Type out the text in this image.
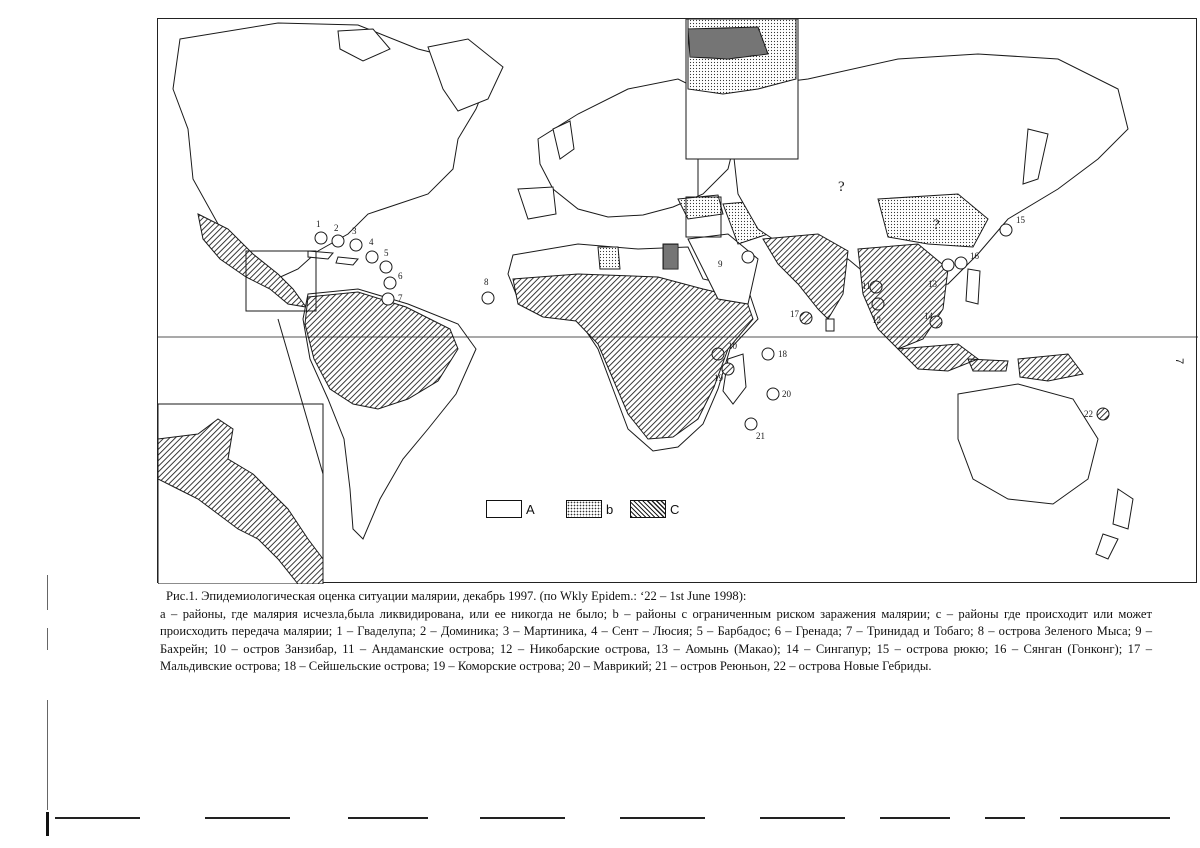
1 2 3
4
5
6
7
8
9
10
11
12
13
14
15
16
17
18
19
20
21
22
?
?
A	b	C
Рис.1. Эпидемиологическая оценка ситуации малярии, декабрь 1997. (по Wkly Epidem.: ‘22 – 1st June 1998):
a – районы, где малярия исчезла,была ликвидирована, или ее никогда не было; b – районы с ограниченным риском заражения малярии; c – районы где происходит или может происходить передача малярии; 1 – Гваделупа; 2 – Доминика; 3 – Мартиника, 4 – Сент – Люсия; 5 – Барбадос; 6 – Гренада; 7 – Тринидад и Тобаго; 8 – острова Зеленого Мыса; 9 – Бахрейн; 10 – остров Занзибар, 11 – Андаманские острова; 12 – Никобарские острова, 13 – Аомынь (Макао); 14 – Сингапур; 15 – острова рюкю; 16 – Сянган (Гонконг); 17 – Мальдивские острова; 18 – Сейшельские острова; 19 – Коморские острова; 20 – Маврикий; 21 – остров Реюньон, 22 – острова Новые Гебриды.
7
